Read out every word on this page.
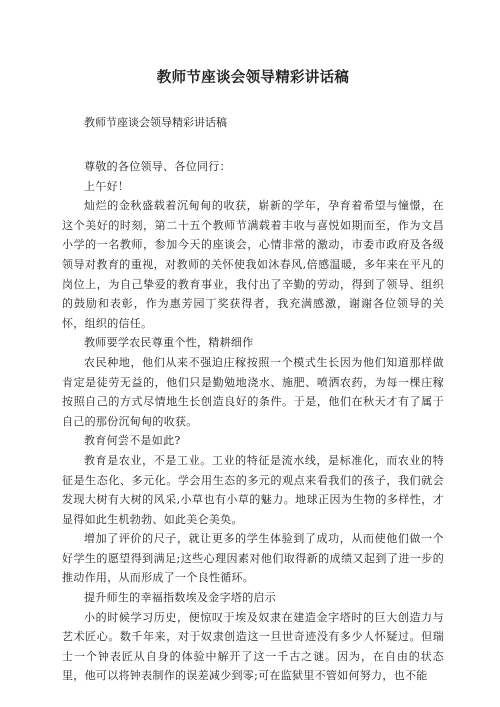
教师节座谈会领导精彩讲话稿

教师节座谈会领导精彩讲话稿

尊敬的各位领导、各位同行：

上午好！

灿烂的金秋盛载着沉甸甸的收获，崭新的学年，孕育着希望与憧憬，在这个美好的时刻，第二十五个教师节满载着丰收与喜悦如期而至，作为文昌小学的一名教师，参加今天的座谈会，心情非常的激动，市委市政府及各级领导对教育的重视，对教师的关怀使我如沐春风,倍感温暖，多年来在平凡的岗位上，为自己挚爱的教育事业，我付出了辛勤的劳动，得到了领导、组织的鼓励和表彰，作为惠芳园丁奖获得者，我充满感激，谢谢各位领导的关怀，组织的信任。

教师要学农民尊重个性，精耕细作

农民种地，他们从来不强迫庄稼按照一个模式生长因为他们知道那样做肯定是徒劳无益的，他们只是勤勉地浇水、施肥、喷洒农药，为每一棵庄稼按照自己的方式尽情地生长创造良好的条件。于是，他们在秋天才有了属于自己的那份沉甸甸的收获。

教育何尝不是如此?

教育是农业，不是工业。工业的特征是流水线，是标准化，而农业的特征是生态化、多元化。学会用生态的多元的观点来看我们的孩子，我们就会发现大树有大树的风采,小草也有小草的魅力。地球正因为生物的多样性，才显得如此生机勃勃、如此美仑美奂。

增加了评价的尺子，就让更多的学生体验到了成功，从而使他们做一个好学生的愿望得到满足;这些心理因素对他们取得新的成绩又起到了进一步的推动作用，从而形成了一个良性循环。

提升师生的幸福指数埃及金字塔的启示

小的时候学习历史，便惊叹于埃及奴隶在建造金字塔时的巨大创造力与艺术匠心。数千年来，对于奴隶创造这一旦世奇迹没有多少人怀疑过。但瑞士一个钟表匠从自身的体验中解开了这一千古之谜。因为，在自由的状态里，他可以将钟表制作的误差减少到零;可在监狱里不管如何努力，也不能
